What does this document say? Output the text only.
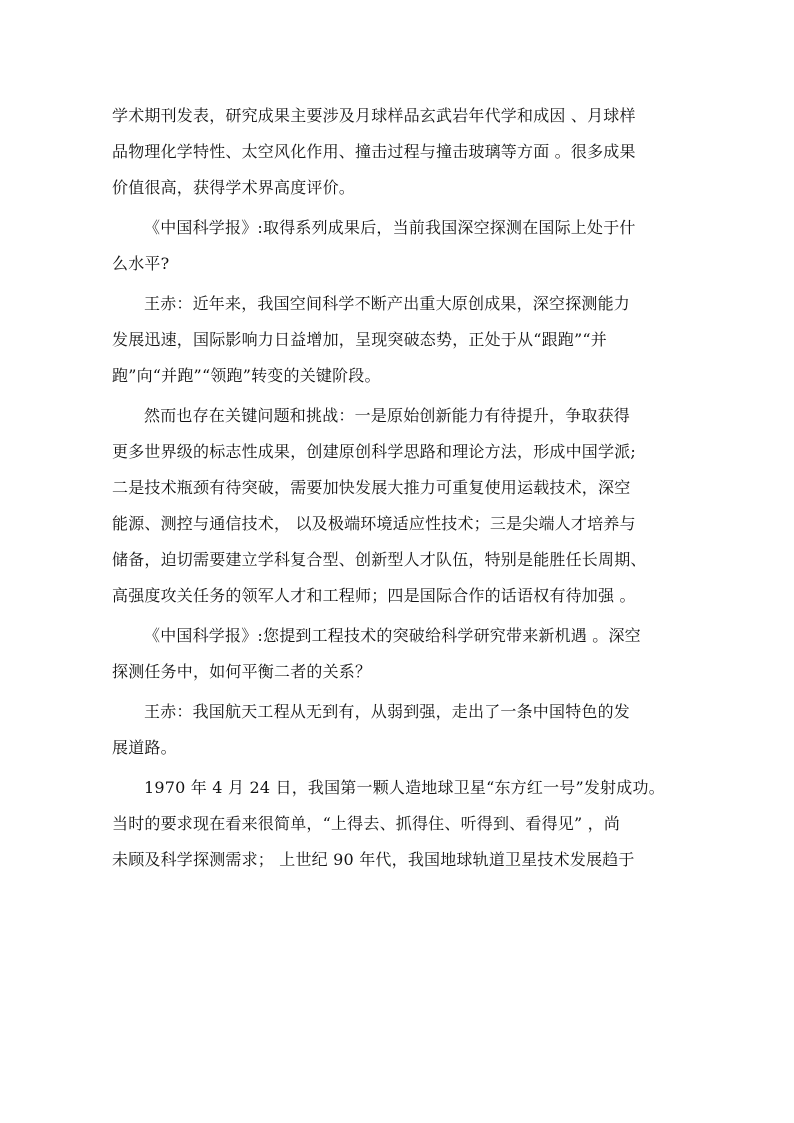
学术期刊发表，研究成果主要涉及月球样品玄武岩年代学和成因 、月球样
品物理化学特性、太空风化作用、撞击过程与撞击玻璃等方面 。很多成果
价值很高，获得学术界高度评价。
《中国科学报》:取得系列成果后，当前我国深空探测在国际上处于什
么水平?
王赤：近年来，我国空间科学不断产出重大原创成果，深空探测能力
发展迅速，国际影响力日益增加，呈现突破态势，正处于从“跟跑”“并
跑”向“并跑”“领跑”转变的关键阶段。
然而也存在关键问题和挑战：一是原始创新能力有待提升，争取获得
更多世界级的标志性成果，创建原创科学思路和理论方法，形成中国学派;
二是技术瓶颈有待突破，需要加快发展大推力可重复使用运载技术，深空
能源、测控与通信技术， 以及极端环境适应性技术；三是尖端人才培养与
储备，迫切需要建立学科复合型、创新型人才队伍，特别是能胜任长周期、
高强度攻关任务的领军人才和工程师；四是国际合作的话语权有待加强 。
《中国科学报》:您提到工程技术的突破给科学研究带来新机遇 。深空
探测任务中，如何平衡二者的关系？
王赤：我国航天工程从无到有，从弱到强，走出了一条中国特色的发
展道路。
1970 年 4 月 24 日，我国第一颗人造地球卫星“东方红一号”发射成功。
当时的要求现在看来很简单，“上得去、抓得住、听得到、看得见” ，尚
未顾及科学探测需求； 上世纪 90 年代，我国地球轨道卫星技术发展趋于
